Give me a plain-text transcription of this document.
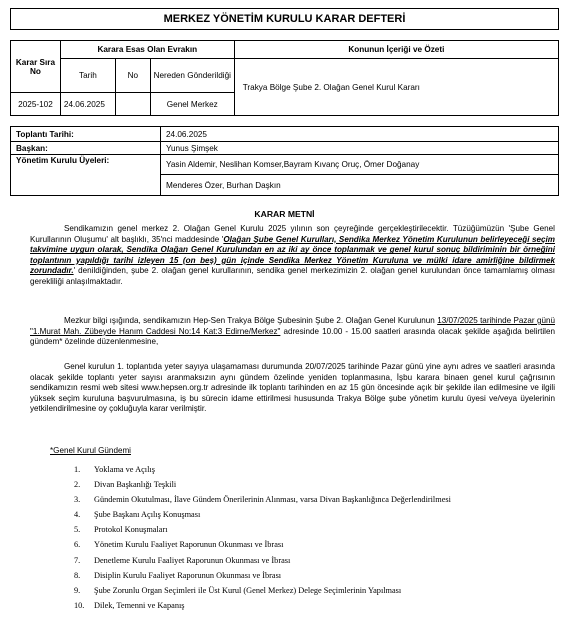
MERKEZ YÖNETİM KURULU KARAR DEFTERİ
Karar Sıra No	Karara Esas Olan Evrakın			Konunun İçeriği ve Özeti
	Tarih	No	Nereden Gönderildiği	Trakya Bölge Şube 2. Olağan Genel Kurul Kararı
2025-102	24.06.2025		Genel Merkez	
Toplantı Tarihi:	24.06.2025
Başkan:	Yunus Şimşek
Yönetim Kurulu Üyeleri:	Yasin Aldemir, Neslihan Komser,Bayram Kıvanç Oruç, Ömer Doğanay
	Menderes Özer, Burhan Daşkın
KARAR METNİ
Sendikamızın genel merkez 2. Olağan Genel Kurulu 2025 yılının son çeyreğinde gerçekleştirilecektir. Tüzüğümüzün 'Şube Genel Kurullarının Oluşumu' alt başlıklı, 35'nci maddesinde 'Olağan Şube Genel Kurulları, Sendika Merkez Yönetim Kurulunun belirleyeceği seçim takvimine uygun olarak, Sendika Olağan Genel Kurulundan en az iki ay önce toplanmak ve genel kurul sonuç bildiriminin bir örneğini toplantının yapıldığı tarihi izleyen 15 (on beş) gün içinde Sendika Merkez Yönetim Kuruluna ve mülki idare amirliğine bildirmek zorundadır.' denildiğinden, şube 2. olağan genel kurullarının, sendika genel merkezimizin 2. olağan genel kurulundan önce tamamlamış olması gerekliliği anlaşılmaktadır.
Mezkur bilgi ışığında, sendikamızın Hep-Sen Trakya Bölge Şubesinin Şube 2. Olağan Genel Kurulunun 13/07/2025 tarihinde Pazar günü "1.Murat Mah. Zübeyde Hanım Caddesi No:14 Kat:3 Edirne/Merkez" adresinde 10.00 - 15.00 saatleri arasında olacak şekilde aşağıda belirtilen gündem* özelinde düzenlenmesine,
Genel kurulun 1. toplantıda yeter sayıya ulaşamaması durumunda 20/07/2025 tarihinde Pazar günü yine aynı adres ve saatleri arasında olacak şekilde toplantı yeter sayısı aranmaksızın aynı gündem özelinde yeniden toplanmasına, İşbu karara binaen genel kurul çağrısının sendikamızın resmi web sitesi www.hepsen.org.tr adresinde ilk toplantı tarihinden en az 15 gün öncesinde açık bir şekilde ilan edilmesine ve ilgili yüksek seçim kuruluna başvurulmasına, iş bu sürecin idame ettirilmesi hususunda Trakya Bölge şube yönetim kurulu üyesi ve/veya üyelerinin yetkilendirilmesine oy çokluğuyla karar verilmiştir.
*Genel Kurul Gündemi
1.	Yoklama ve Açılış
2.	Divan Başkanlığı Teşkili
3.	Gündemin Okutulması, İlave Gündem Önerilerinin Alınması, varsa Divan Başkanlığınca Değerlendirilmesi
4.	Şube Başkanı Açılış Konuşması
5.	Protokol Konuşmaları
6.	Yönetim Kurulu Faaliyet Raporunun Okunması ve İbrası
7.	Denetleme Kurulu Faaliyet Raporunun Okunması ve İbrası
8.	Disiplin Kurulu Faaliyet Raporunun Okunması ve İbrası
9.	Şube Zorunlu Organ Seçimleri ile Üst Kurul (Genel Merkez) Delege Seçimlerinin Yapılması
10.	Dilek, Temenni ve Kapanış
